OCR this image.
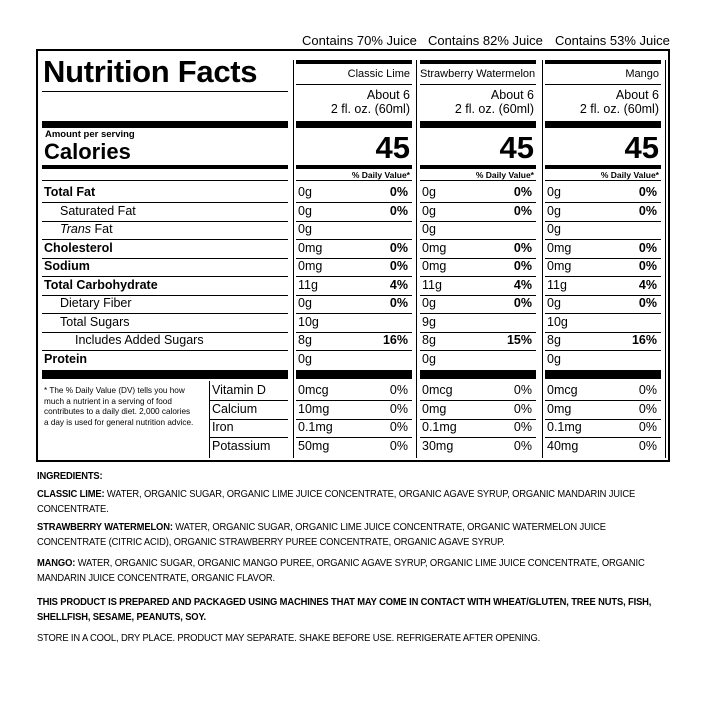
Contains 70% Juice Contains 82% Juice Contains 53% Juice
Nutrition Facts
Amount per serving
Calories
* The % Daily Value (DV) tells you how much a nutrient in a serving of food contributes to a daily diet. 2,000 calories a day is used for general nutrition advice.
INGREDIENTS:
CLASSIC LIME: WATER, ORGANIC SUGAR, ORGANIC LIME JUICE CONCENTRATE, ORGANIC AGAVE SYRUP, ORGANIC MANDARIN JUICE CONCENTRATE.
STRAWBERRY WATERMELON: WATER, ORGANIC SUGAR, ORGANIC LIME JUICE CONCENTRATE, ORGANIC WATERMELON JUICE CONCENTRATE (CITRIC ACID), ORGANIC STRAWBERRY PUREE CONCENTRATE, ORGANIC AGAVE SYRUP.
MANGO: WATER, ORGANIC SUGAR, ORGANIC MANGO PUREE, ORGANIC AGAVE SYRUP, ORGANIC LIME JUICE CONCENTRATE, ORGANIC MANDARIN JUICE CONCENTRATE, ORGANIC FLAVOR.
THIS PRODUCT IS PREPARED AND PACKAGED USING MACHINES THAT MAY COME IN CONTACT WITH WHEAT/GLUTEN, TREE NUTS, FISH, SHELLFISH, SESAME, PEANUTS, SOY.
STORE IN A COOL, DRY PLACE. PRODUCT MAY SEPARATE. SHAKE BEFORE USE. REFRIGERATE AFTER OPENING.
Classic Lime
About 6
2 fl. oz. (60ml)
45
% Daily Value*
Strawberry Watermelon
About 6
2 fl. oz. (60ml)
45
% Daily Value*
Mango
About 6
2 fl. oz. (60ml)
45
% Daily Value*
Total Fat	0g	0% 0g	0% 0g	0%
Saturated Fat	0g	0% 0g	0% 0g	0%
Trans Fat	0g	0g	0g
Cholesterol	0mg	0% 0mg	0% 0mg	0%
Sodium	0mg	0% 0mg	0% 0mg	0%
Total Carbohydrate	11g	4% 11g	4% 11g	4%
Dietary Fiber	0g	0% 0g	0% 0g	0%
Total Sugars	10g	9g	10g
Includes Added Sugars	8g	16% 8g	15% 8g	16%
Protein	0g	0g	0g
Vitamin D	0mcg	0% 0mcg	0% 0mcg	0%
Calcium	10mg	0% 0mg	0% 0mg	0%
Iron	0.1mg	0% 0.1mg	0% 0.1mg	0%
Potassium 50mg	0% 30mg	0% 40mg	0%
